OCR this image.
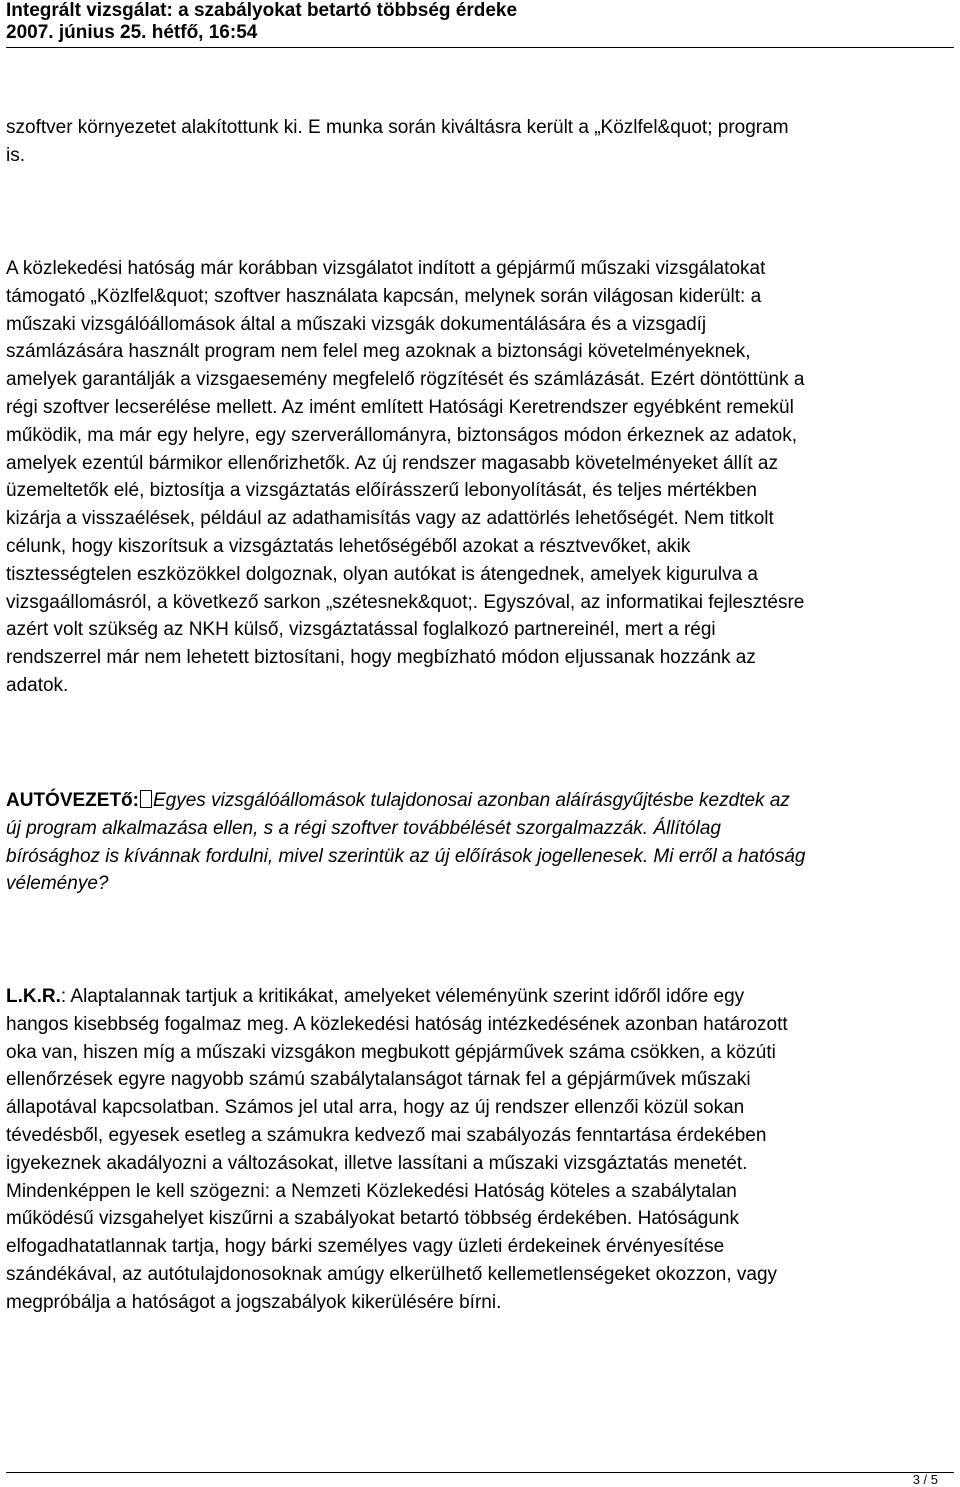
Integrált vizsgálat: a szabályokat betartó többség érdeke
2007. június 25. hétfő, 16:54

szoftver környezetet alakítottunk ki. E munka során kiváltásra került a „Közlfel&quot; program
is.

A közlekedési hatóság már korábban vizsgálatot indított a gépjármű műszaki vizsgálatokat
támogató „Közlfel&quot; szoftver használata kapcsán, melynek során világosan kiderült: a
műszaki vizsgálóállomások által a műszaki vizsgák dokumentálására és a vizsgadíj
számlázására használt program nem felel meg azoknak a biztonsági követelményeknek,
amelyek garantálják a vizsgaesemény megfelelő rögzítését és számlázását. Ezért döntöttünk a
régi szoftver lecserélése mellett. Az imént említett Hatósági Keretrendszer egyébként remekül
működik, ma már egy helyre, egy szerverállományra, biztonságos módon érkeznek az adatok,
amelyek ezentúl bármikor ellenőrizhetők. Az új rendszer magasabb követelményeket állít az
üzemeltetők elé, biztosítja a vizsgáztatás előírásszerű lebonyolítását, és teljes mértékben
kizárja a visszaélések, például az adathamisítás vagy az adattörlés lehetőségét. Nem titkolt
célunk, hogy kiszorítsuk a vizsgáztatás lehetőségéből azokat a résztvevőket, akik
tisztességtelen eszközökkel dolgoznak, olyan autókat is átengednek, amelyek kigurulva a
vizsgaállomásról, a következő sarkon „szétesnek&quot;. Egyszóval, az informatikai fejlesztésre
azért volt szükség az NKH külső, vizsgáztatással foglalkozó partnereinél, mert a régi
rendszerrel már nem lehetett biztosítani, hogy megbízható módon eljussanak hozzánk az
adatok.

AUTÓVEZETő: Egyes vizsgálóállomások tulajdonosai azonban aláírásgyűjtésbe kezdtek az
új program alkalmazása ellen, s a régi szoftver továbbélését szorgalmazzák. Állítólag
bírósághoz is kívánnak fordulni, mivel szerintük az új előírások jogellenesek. Mi erről a hatóság
véleménye?

L.K.R.: Alaptalannak tartjuk a kritikákat, amelyeket véleményünk szerint időről időre egy
hangos kisebbség fogalmaz meg. A közlekedési hatóság intézkedésének azonban határozott
oka van, hiszen míg a műszaki vizsgákon megbukott gépjárművek száma csökken, a közúti
ellenőrzések egyre nagyobb számú szabálytalanságot tárnak fel a gépjárművek műszaki
állapotával kapcsolatban. Számos jel utal arra, hogy az új rendszer ellenzői közül sokan
tévedésből, egyesek esetleg a számukra kedvező mai szabályozás fenntartása érdekében
igyekeznek akadályozni a változásokat, illetve lassítani a műszaki vizsgáztatás menetét.
Mindenképpen le kell szögezni: a Nemzeti Közlekedési Hatóság köteles a szabálytalan
működésű vizsgahelyet kiszűrni a szabályokat betartó többség érdekében. Hatóságunk
elfogadhatatlannak tartja, hogy bárki személyes vagy üzleti érdekeinek érvényesítése
szándékával, az autótulajdonosoknak amúgy elkerülhető kellemetlenségeket okozzon, vagy
megpróbálja a hatóságot a jogszabályok kikerülésére bírni.

3 / 5
